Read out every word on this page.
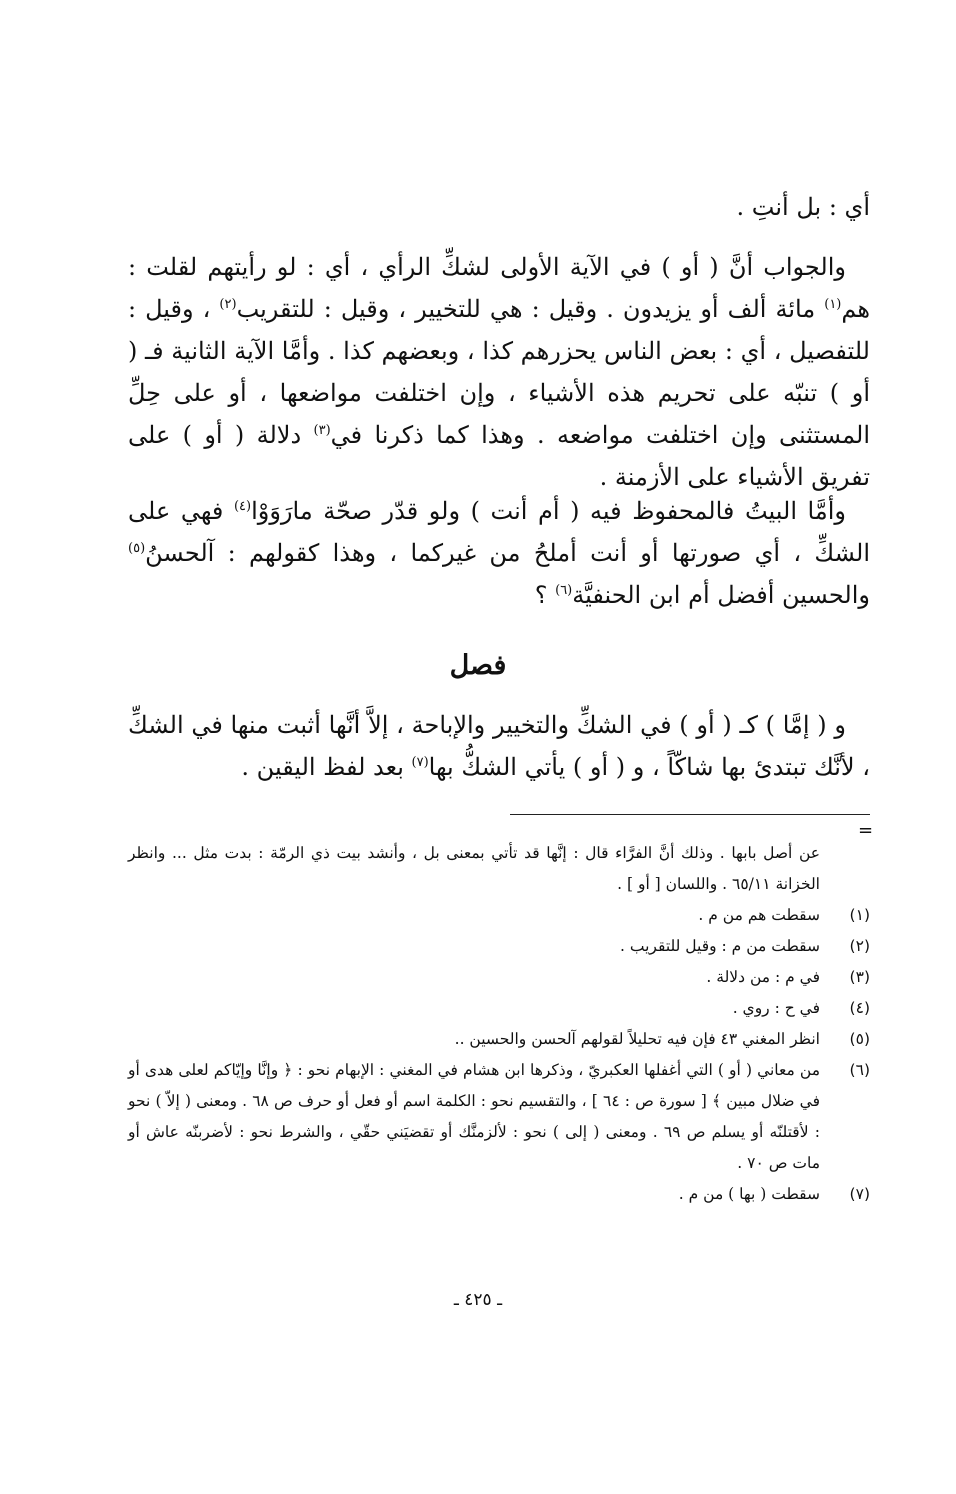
أي : بل أنتِ .

والجواب أنَّ ( أو ) في الآية الأولى لشكِّ الرأي ، أي : لو رأيتهم لقلت : هم$^{(١)}$ مائة ألف أو يزيدون . وقيل : هي للتخيير ، وقيل : للتقريب$^{(٢)}$ ، وقيل : للتفصيل ، أي : بعض الناس يحزرهم كذا ، وبعضهم كذا . وأمَّا الآية الثانية فـ ( أو ) تنبّه على تحريم هذه الأشياء ، وإن اختلفت مواضعها ، أو على حِلِّ المستثنى وإن اختلفت مواضعه . وهذا كما ذكرنا في$^{(٣)}$ دلالة ( أو ) على تفريق الأشياء على الأزمنة .

وأمَّا البيتُ فالمحفوظ فيه ( أم أنت ) ولو قدّر صحّة مارَوَوْا$^{(٤)}$ فهي على الشكِّ ، أي صورتها أو أنت أملحُ من غيركما ، وهذا كقولهم : آلحسنُ$^{(٥)}$ والحسين أفضل أم ابن الحنفيَّة$^{(٦)}$ ؟

فصل

و ( إمَّا ) كـ ( أو ) في الشكِّ والتخيير والإباحة ، إلاَّ أنَّها أثبت منها في الشكِّ ، لأنَّك تبتدئ بها شاكّاً ، و ( أو ) يأتي الشكُّ بها$^{(٧)}$ بعد لفظ اليقين .

=
عن أصل بابها . وذلك أنَّ الفرَّاء قال : إنَّها قد تأتي بمعنى بل ، وأنشد بيت ذي الرمّة : بدت مثل ... وانظر الخزانة ٦٥/١١ . واللسان [ أو ] .
(١)
سقطت هم من م .
(٢)
سقطت من م : وقيل للتقريب .
(٣)
في م : من دلالة .
(٤)
في ح : روي .
(٥)
انظر المغني ٤٣ فإن فيه تحليلاً لقولهم آلحسن والحسين ..
(٦)
من معاني ( أو ) التي أغفلها العكبريّ ، وذكرها ابن هشام في المغني : الإبهام نحو : ﴿ وإنَّا وإيّاكم لعلى هدى أو في ضلال مبين ﴾ [ سورة ص : ٦٤ ] ، والتقسيم نحو : الكلمة اسم أو فعل أو حرف ص ٦٨ . ومعنى ( إلاّ ) نحو : لأقتلنّه أو يسلم ص ٦٩ . ومعنى ( إلى ) نحو : لألزمنَّك أو تقضيَني حقّي ، والشرط نحو : لأضربنّه عاش أو مات ص ٧٠ .
(٧)
سقطت ( بها ) من م .
ـ ٤٢٥ ـ
